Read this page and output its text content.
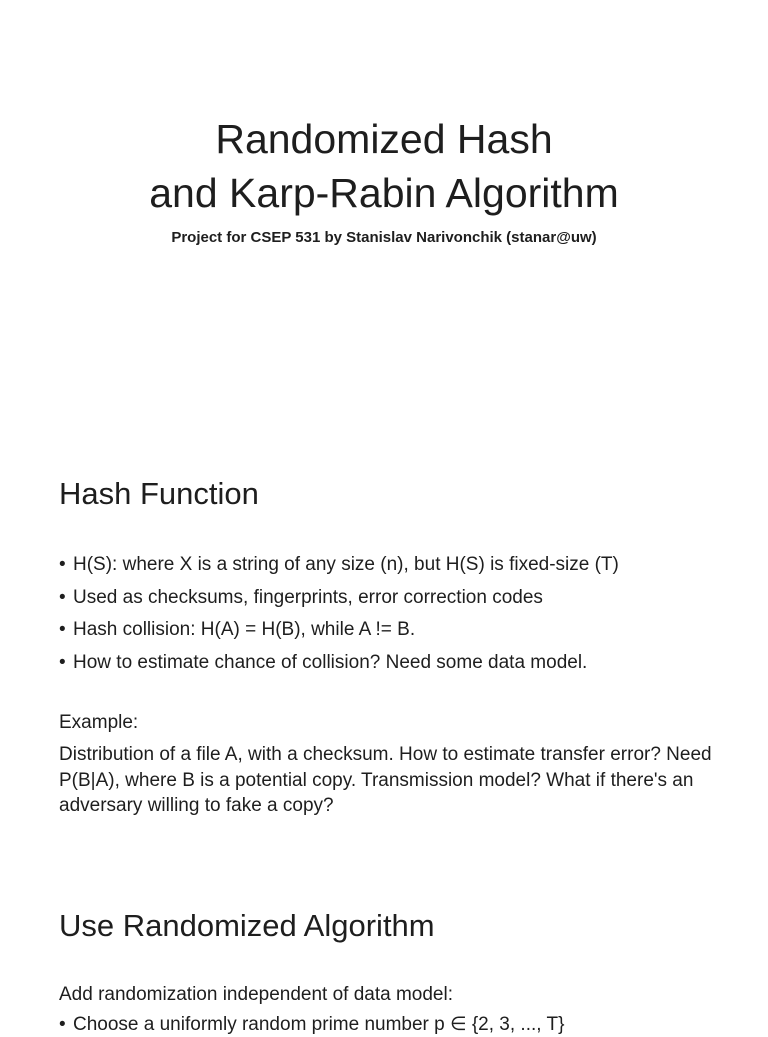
Randomized Hash
and Karp-Rabin Algorithm
Project for CSEP 531 by Stanislav Narivonchik (stanar@uw)
Hash Function
• H(S): where X is a string of any size (n), but H(S) is fixed-size (T)
• Used as checksums, fingerprints, error correction codes
• Hash collision: H(A) = H(B), while A != B.
• How to estimate chance of collision? Need some data model.

Example:

Distribution of a file A, with a checksum. How to estimate transfer error? Need P(B|A), where B is a potential copy. Transmission model? What if there's an adversary willing to fake a copy?

Use Randomized Algorithm

Add randomization independent of data model:

• Choose a uniformly random prime number p ∈ {2, 3, ..., T}
